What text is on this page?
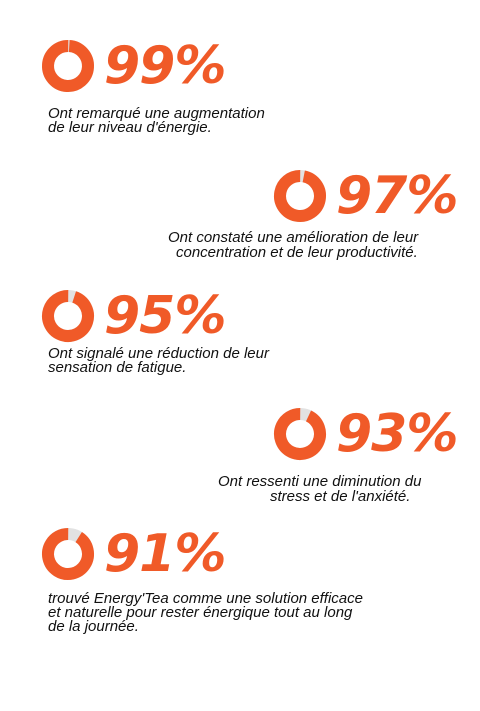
99%
Ont remarqué une augmentation
de leur niveau d'énergie.
97%
Ont constaté une amélioration de leur
concentration et de leur productivité.
95%
Ont signalé une réduction de leur
sensation de fatigue.
93%
Ont ressenti une diminution du
stress et de l'anxiété.
91%
trouvé Energy'Tea comme une solution efficace
et naturelle pour rester énergique tout au long
de la journée.
